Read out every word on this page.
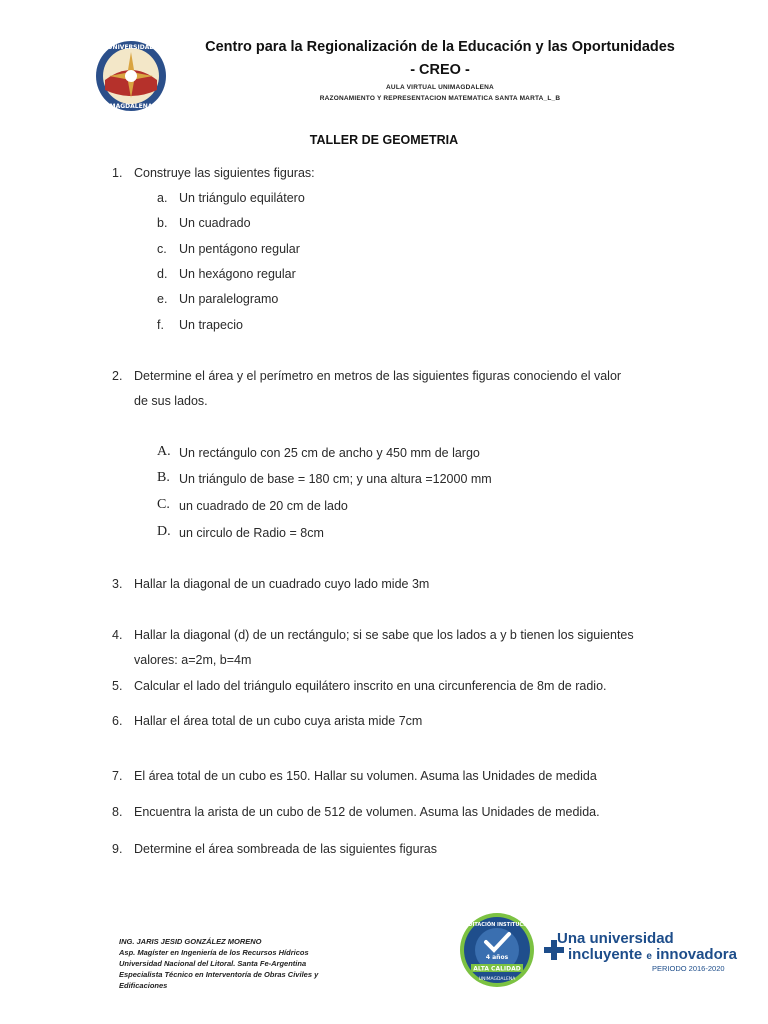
UNIVERSIDAD
MAGDALENA
Centro para la Regionalización de la Educación y las Oportunidades
- CREO -
AULA VIRTUAL UNIMAGDALENA
RAZONAMIENTO Y REPRESENTACION MATEMATICA SANTA MARTA_L_B
TALLER DE GEOMETRIA
1. Construye las siguientes figuras:
a. Un triángulo equilátero
b. Un cuadrado
c. Un pentágono regular
d. Un hexágono regular
e. Un paralelogramo
f. Un trapecio
2. Determine el área y el perímetro en metros de las siguientes figuras conociendo el valor
de sus lados.
A. Un rectángulo con 25 cm de ancho y 450 mm de largo
B. Un triángulo de base = 180 cm; y una altura =12000 mm
C. un cuadrado de 20 cm de lado
D. un circulo de Radio = 8cm
3. Hallar la diagonal de un cuadrado cuyo lado mide 3m
4. Hallar la diagonal (d) de un rectángulo; si se sabe que los lados a y b tienen los siguientes
valores: a=2m, b=4m
5. Calcular el lado del triángulo equilátero inscrito en una circunferencia de 8m de radio.
6. Hallar el área total de un cubo cuya arista mide 7cm
7. El área total de un cubo es 150. Hallar su volumen. Asuma las Unidades de medida
8. Encuentra la arista de un cubo de 512 de volumen. Asuma las Unidades de medida.
9. Determine el área sombreada de las siguientes figuras
ING. JARIS JESID GONZÁLEZ MORENO
Asp. Magíster en Ingeniería de los Recursos Hídricos
Universidad Nacional del Litoral. Santa Fe-Argentina
Especialista Técnico en Interventoría de Obras Civiles y
Edificaciones
ACREDITACIÓN INSTITUCIONAL
4 años
ALTA CALIDAD
UNIMAGDALENA
Una universidad
incluyente e innovadora
PERIODO 2016-2020
